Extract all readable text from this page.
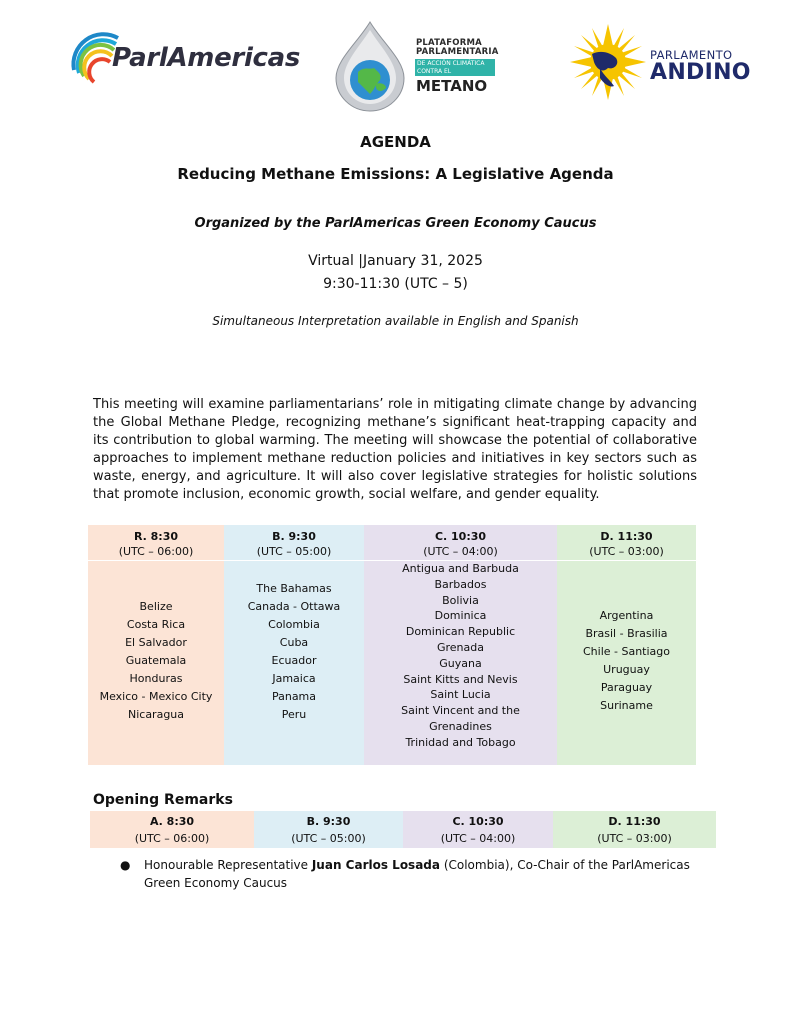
ParlAmericas	PLATAFORMA
PARLAMENTARIA
DE ACCIÓN CLIMÁTICA
CONTRA EL
METANO
PARLAMENTO
ANDINO
AGENDA
Reducing Methane Emissions: A Legislative Agenda
Organized by the ParlAmericas Green Economy Caucus
Virtual |January 31, 2025
9:30-11:30 (UTC – 5)
Simultaneous Interpretation available in English and Spanish

This meeting will examine parliamentarians’ role in mitigating climate change by advancing the Global Methane Pledge, recognizing methane’s significant heat-trapping capacity and its contribution to global warming. The meeting will showcase the potential of collaborative approaches to implement methane reduction policies and initiatives in key sectors such as waste, energy, and agriculture. It will also cover legislative strategies for holistic solutions that promote inclusion, economic growth, social welfare, and gender equality.

R. 8:30
(UTC – 06:00)
Belize
Costa Rica
El Salvador
Guatemala
Honduras
Mexico - Mexico City
Nicaragua
B. 9:30
(UTC – 05:00)
The Bahamas
Canada - Ottawa
Colombia
Cuba
Ecuador
Jamaica
Panama
Peru
C. 10:30
(UTC – 04:00)
Antigua and Barbuda
Barbados
Bolivia
Dominica
Dominican Republic
Grenada
Guyana
Saint Kitts and Nevis
Saint Lucia
Saint Vincent and the
Grenadines
Trinidad and Tobago
D. 11:30
(UTC – 03:00)
Argentina
Brasil - Brasilia
Chile - Santiago
Uruguay
Paraguay
Suriname
Opening Remarks
A. 8:30
(UTC – 06:00)
B. 9:30
(UTC – 05:00)
C. 10:30
(UTC – 04:00)
D. 11:30
(UTC – 03:00)
● Honourable Representative Juan Carlos Losada (Colombia), Co-Chair of the ParlAmericas Green Economy Caucus
